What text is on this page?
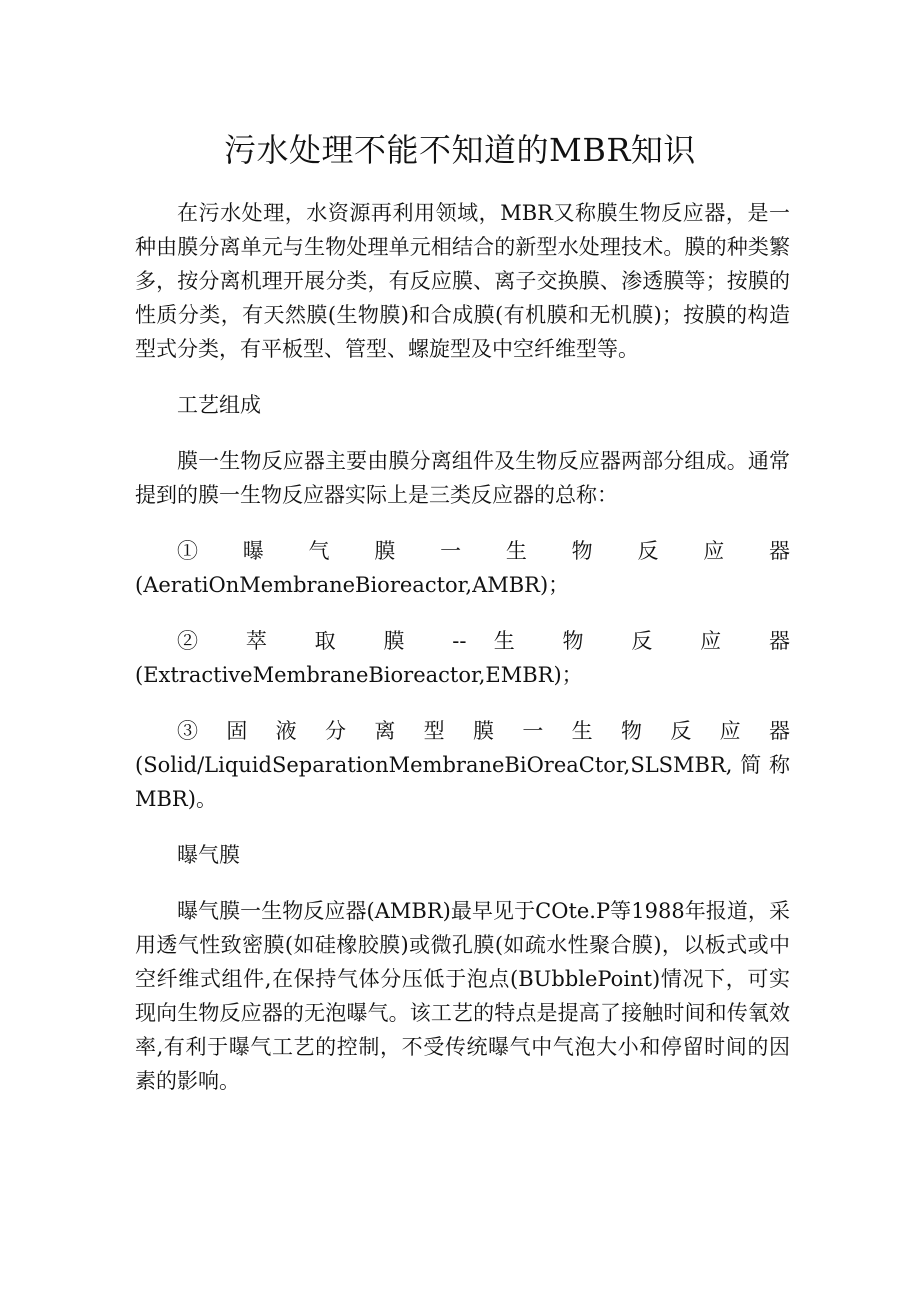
污水处理不能不知道的MBR知识

在污水处理，水资源再利用领域，MBR又称膜生物反应器，是一种由膜分离单元与生物处理单元相结合的新型水处理技术。膜的种类繁多，按分离机理开展分类，有反应膜、离子交换膜、渗透膜等；按膜的性质分类，有天然膜(生物膜)和合成膜(有机膜和无机膜)；按膜的构造型式分类，有平板型、管型、螺旋型及中空纤维型等。

工艺组成

膜一生物反应器主要由膜分离组件及生物反应器两部分组成。通常提到的膜一生物反应器实际上是三类反应器的总称：

① 曝 气 膜 一 生 物 反 应 器
(AeratiOnMembraneBioreactor,AMBR)；
② 萃 取 膜 -- 生 物 反 应 器
(ExtractiveMembraneBioreactor,EMBR)；
③ 固 液 分 离 型 膜 一 生 物 反 应 器
(Solid/LiquidSeparationMembraneBiOreaCtor,SLSMBR,简称MBR)。

曝气膜

曝气膜一生物反应器(AMBR)最早见于COte.P等1988年报道，采用透气性致密膜(如硅橡胶膜)或微孔膜(如疏水性聚合膜)，以板式或中空纤维式组件,在保持气体分压低于泡点(BUbblePoint)情况下，可实现向生物反应器的无泡曝气。该工艺的特点是提高了接触时间和传氧效率,有利于曝气工艺的控制，不受传统曝气中气泡大小和停留时间的因素的影响。
